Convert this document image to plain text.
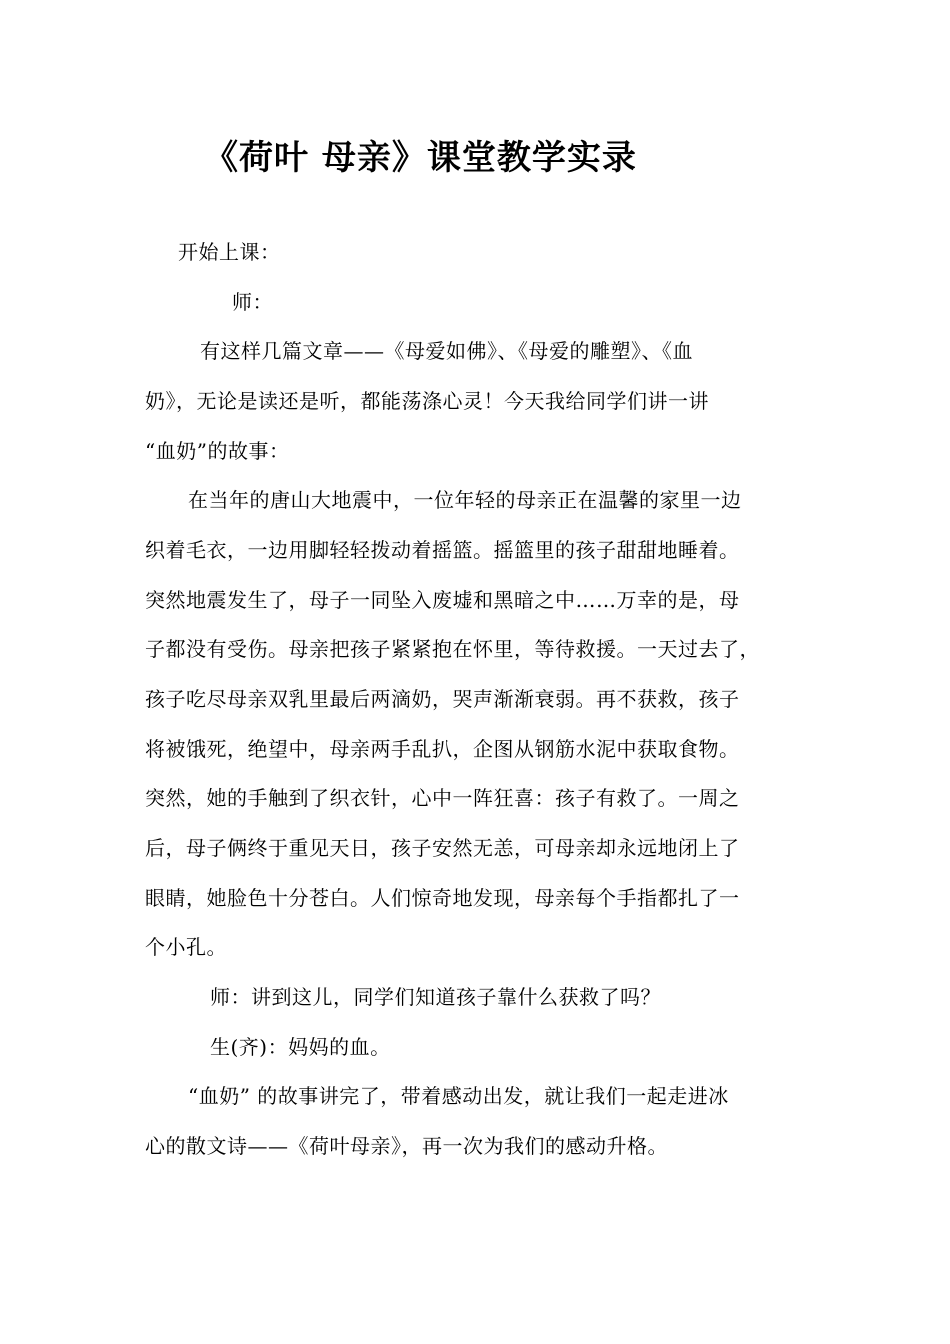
《荷叶 母亲》课堂教学实录
开始上课：
师：
有这样几篇文章——《母爱如佛》、《母爱的雕塑》、《血
奶》，无论是读还是听，都能荡涤心灵！今天我给同学们讲一讲
“血奶”的故事：
在当年的唐山大地震中，一位年轻的母亲正在温馨的家里一边
织着毛衣，一边用脚轻轻拨动着摇篮。摇篮里的孩子甜甜地睡着。
突然地震发生了，母子一同坠入废墟和黑暗之中……万幸的是，母
子都没有受伤。母亲把孩子紧紧抱在怀里，等待救援。一天过去了，
孩子吃尽母亲双乳里最后两滴奶，哭声渐渐衰弱。再不获救，孩子
将被饿死，绝望中，母亲两手乱扒，企图从钢筋水泥中获取食物。
突然，她的手触到了织衣针，心中一阵狂喜：孩子有救了。一周之
后，母子俩终于重见天日，孩子安然无恙，可母亲却永远地闭上了
眼睛，她脸色十分苍白。人们惊奇地发现，母亲每个手指都扎了一
个小孔。
师：讲到这儿，同学们知道孩子靠什么获救了吗？
生(齐)：妈妈的血。
“血奶” 的故事讲完了，带着感动出发，就让我们一起走进冰
心的散文诗——《荷叶母亲》，再一次为我们的感动升格。
